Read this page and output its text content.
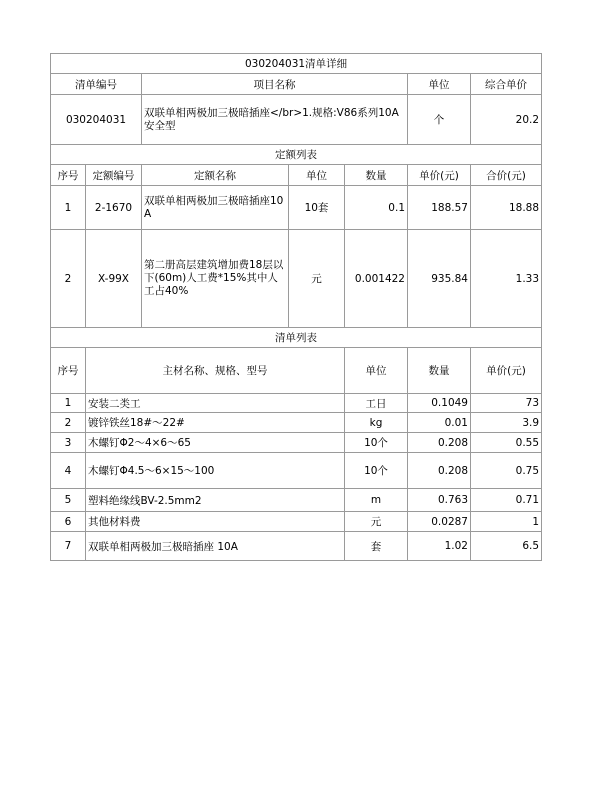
030204031清单详细							
清单编号		项目名称			单位	综合单价	
030204031		双联单相两极加三极暗插座</br>1.规格:V86系列10A 安全型			个	20.2	
定额列表							
序号	定额编号	定额名称	单位	数量	单价(元)	合价(元)	
1	2-1670	双联单相两极加三极暗插座10A	10套	0.1	188.57	18.88	
2	X-99X	第二册高层建筑增加费18层以下(60m)人工费*15%其中人工占40%	元	0.001422	935.84	1.33	
清单列表							
序号	主材名称、规格、型号			单位	数量	单价(元)	
1	安装二类工			工日	0.1049	73	
2	镀锌铁丝18#～22#			kg	0.01	3.9	
3	木螺钉Φ2～4×6～65			10个	0.208	0.55	
4	木螺钉Φ4.5～6×15～100			10个	0.208	0.75	
5	塑料绝缘线BV-2.5mm2			m	0.763	0.71	
6	其他材料费			元	0.0287	1	
7	双联单相两极加三极暗插座 10A			套	1.02	6.5	
